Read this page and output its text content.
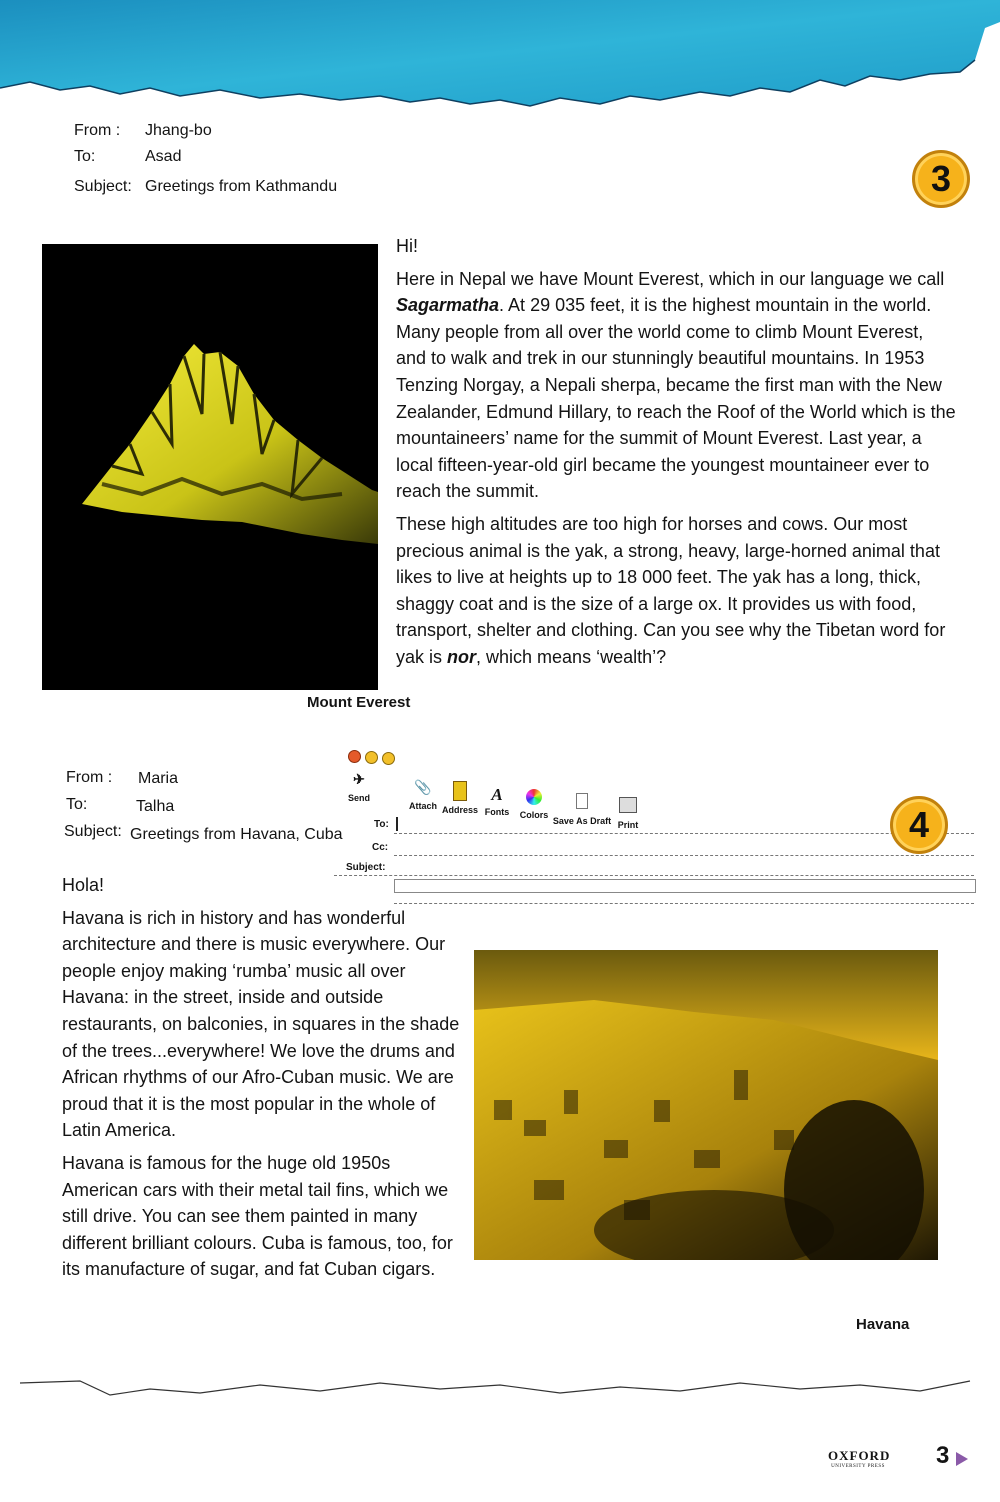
From : Jhang-bo
To:	Asad
Subject: Greetings from Kathmandu	3
Mount Everest

Hi!

Here in Nepal we have Mount Everest, which in our language we call Sagarmatha. At 29 035 feet, it is the highest mountain in the world. Many people from all over the world come to climb Mount Everest, and to walk and trek in our stunningly beautiful mountains. In 1953 Tenzing Norgay, a Nepali sherpa, became the first man with the New Zealander, Edmund Hillary, to reach the Roof of the World which is the mountaineers’ name for the summit of Mount Everest. Last year, a local fifteen-year-old girl became the youngest mountaineer ever to reach the summit.

These high altitudes are too high for horses and cows. Our most precious animal is the yak, a strong, heavy, large-horned animal that likes to live at heights up to 18 000 feet. The yak has a long, thick, shaggy coat and is the size of a large ox. It provides us with food, transport, shelter and clothing. Can you see why the Tibetan word for yak is nor, which means ‘wealth’?

✈
Send
📎
Attach Address
A
Fonts	Colors
Save As Draft Print
To:
Cc:
Subject:
From : Maria
To:	Talha
Subject: Greetings from Havana, Cuba	4

Hola!

Havana is rich in history and has wonderful architecture and there is music everywhere. Our people enjoy making ‘rumba’ music all over Havana: in the street, inside and outside restaurants, on balconies, in squares in the shade of the trees...everywhere! We love the drums and African rhythms of our Afro-Cuban music. We are proud that it is the most popular in the whole of Latin America.

Havana is famous for the huge old 1950s American cars with their metal tail fins, which we still drive. You can see them painted in many different brilliant colours. Cuba is famous, too, for its manufacture of sugar, and fat Cuban cigars.

Havana
OXFORD
UNIVERSITY PRESS 3
